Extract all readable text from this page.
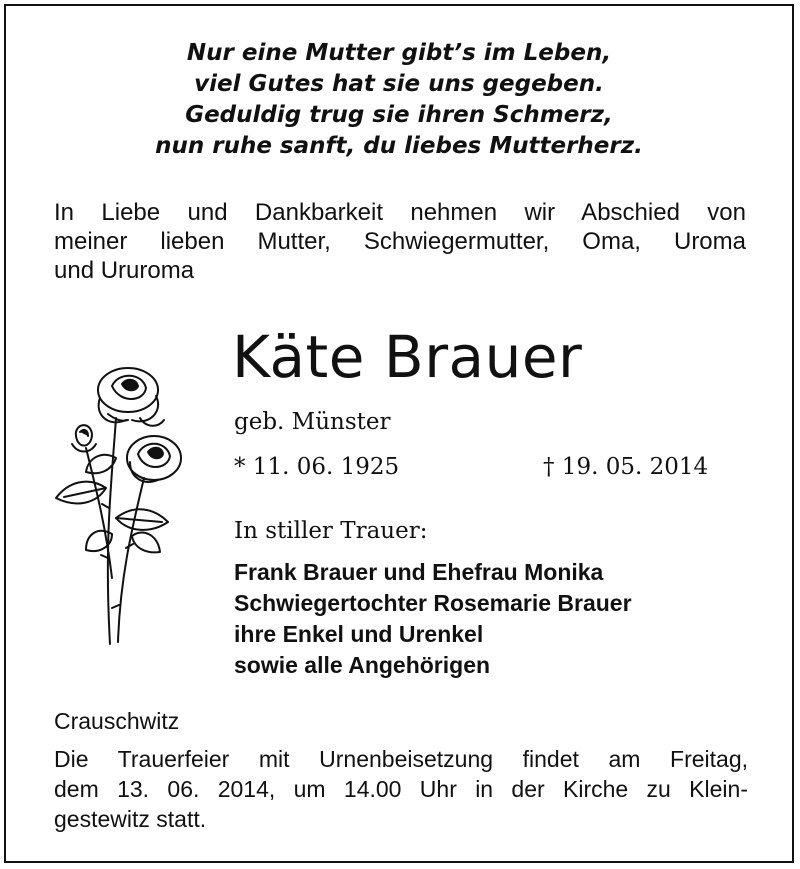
Nur eine Mutter gibt’s im Leben,
viel Gutes hat sie uns gegeben.
Geduldig trug sie ihren Schmerz,
nun ruhe sanft, du liebes Mutterherz.
In Liebe und Dankbarkeit nehmen wir Abschied von
meiner lieben Mutter, Schwiegermutter, Oma, Uroma
und Ururoma
Käte Brauer
geb. Münster
* 11. 06. 1925	† 19. 05. 2014
In stiller Trauer:
Frank Brauer und Ehefrau Monika
Schwiegertochter Rosemarie Brauer
ihre Enkel und Urenkel
sowie alle Angehörigen
Crauschwitz
Die Trauerfeier mit Urnenbeisetzung findet am Freitag,
dem 13. 06. 2014, um 14.00 Uhr in der Kirche zu Klein-
gestewitz statt.
